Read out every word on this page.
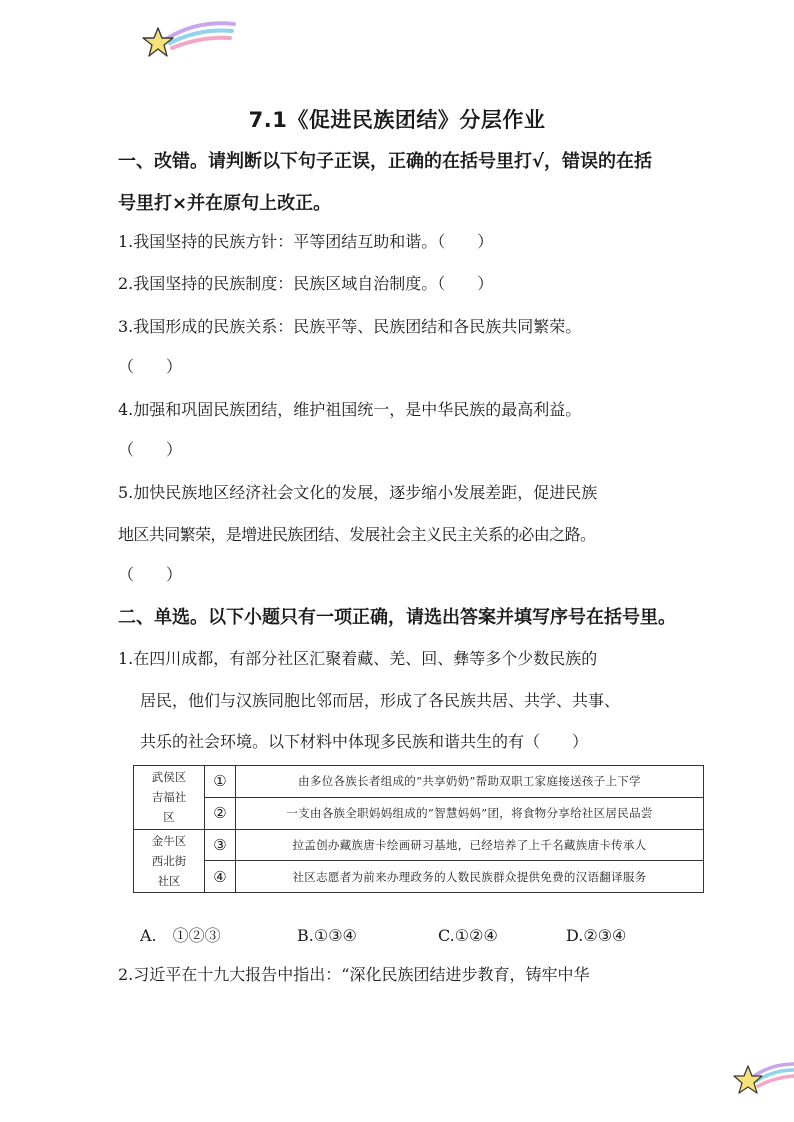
7.1《促进民族团结》分层作业
一、改错。请判断以下句子正误，正确的在括号里打√，错误的在括
号里打×并在原句上改正。
1.我国坚持的民族方针：平等团结互助和谐。（　　）
2.我国坚持的民族制度：民族区域自治制度。（　　）
3.我国形成的民族关系：民族平等、民族团结和各民族共同繁荣。
（　　）
4.加强和巩固民族团结，维护祖国统一，是中华民族的最高利益。
（　　）
5.加快民族地区经济社会文化的发展，逐步缩小发展差距，促进民族
地区共同繁荣，是增进民族团结、发展社会主义民主关系的必由之路。
（　　）
二、单选。以下小题只有一项正确，请选出答案并填写序号在括号里。
1.在四川成都，有部分社区汇聚着藏、羌、回、彝等多个少数民族的
居民，他们与汉族同胞比邻而居，形成了各民族共居、共学、共事、
共乐的社会环境。以下材料中体现多民族和谐共生的有（　　）
武侯区
吉福社
区	①	由多位各族长者组成的“共享奶奶”帮助双职工家庭接送孩子上下学
	②	一支由各族全职妈妈组成的“智慧妈妈”团，将食物分享给社区居民品尝
金牛区
西北街
社区	③	拉孟创办藏族唐卡绘画研习基地，已经培养了上千名藏族唐卡传承人
	④	社区志愿者为前来办理政务的人数民族群众提供免费的汉语翻译服务
A.　①②③	B.①③④	C.①②④	D.②③④
2.习近平在十九大报告中指出：“深化民族团结进步教育，铸牢中华
